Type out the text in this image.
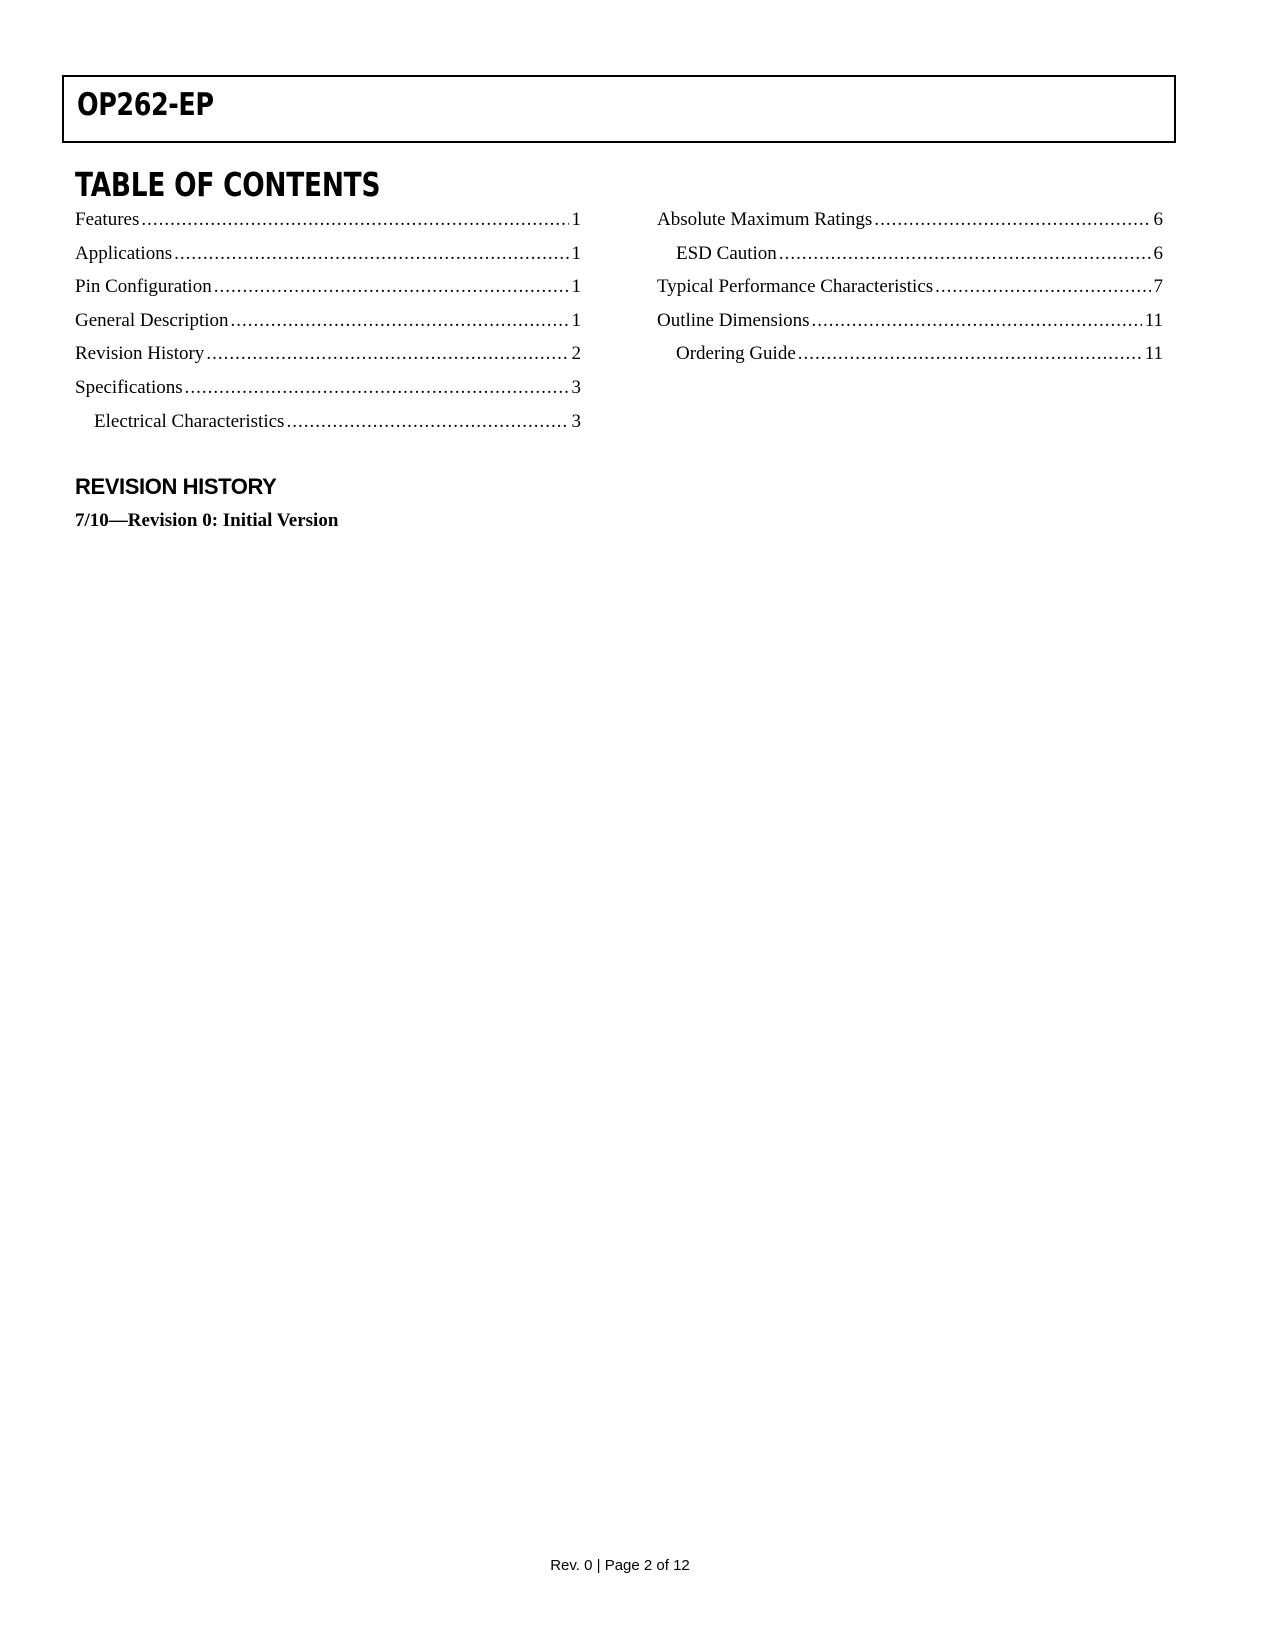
OP262-EP
TABLE OF CONTENTS
Features .....	1
Applications .....	1
Pin Configuration .....	1
General Description .....	1
Revision History .....	2
Specifications .....	3
Electrical Characteristics .....	3
Absolute Maximum Ratings .....	6
ESD Caution .....	6
Typical Performance Characteristics .....	7
Outline Dimensions .....	11
Ordering Guide .....	11
REVISION HISTORY
7/10—Revision 0: Initial Version
Rev. 0 | Page 2 of 12
